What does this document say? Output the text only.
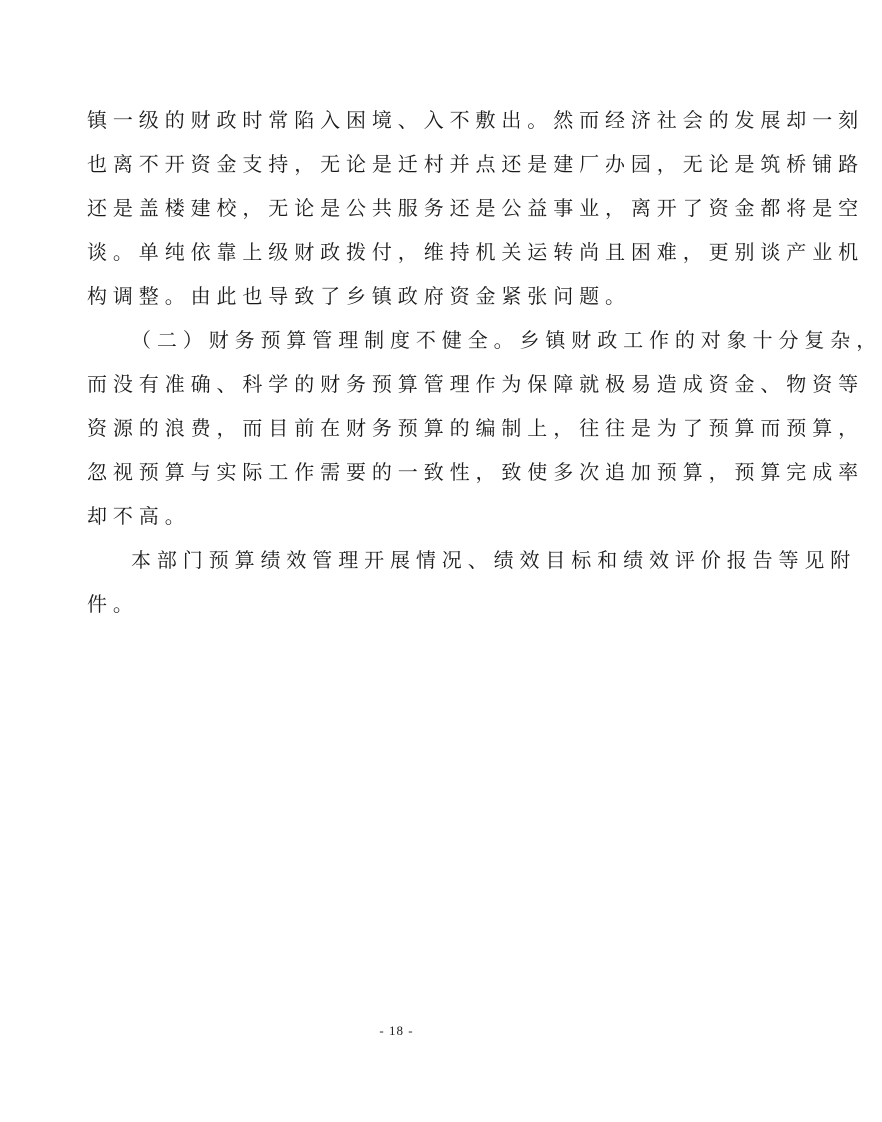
镇一级的财政时常陷入困境、入不敷出。然而经济社会的发展却一刻
也离不开资金支持，无论是迁村并点还是建厂办园，无论是筑桥铺路
还是盖楼建校，无论是公共服务还是公益事业，离开了资金都将是空
谈。单纯依靠上级财政拨付，维持机关运转尚且困难，更别谈产业机
构调整。由此也导致了乡镇政府资金紧张问题。
（二）财务预算管理制度不健全。乡镇财政工作的对象十分复杂，
而没有准确、科学的财务预算管理作为保障就极易造成资金、物资等
资源的浪费，而目前在财务预算的编制上，往往是为了预算而预算，
忽视预算与实际工作需要的一致性，致使多次追加预算，预算完成率
却不高。
本部门预算绩效管理开展情况、绩效目标和绩效评价报告等见附
件。
- 18 -
